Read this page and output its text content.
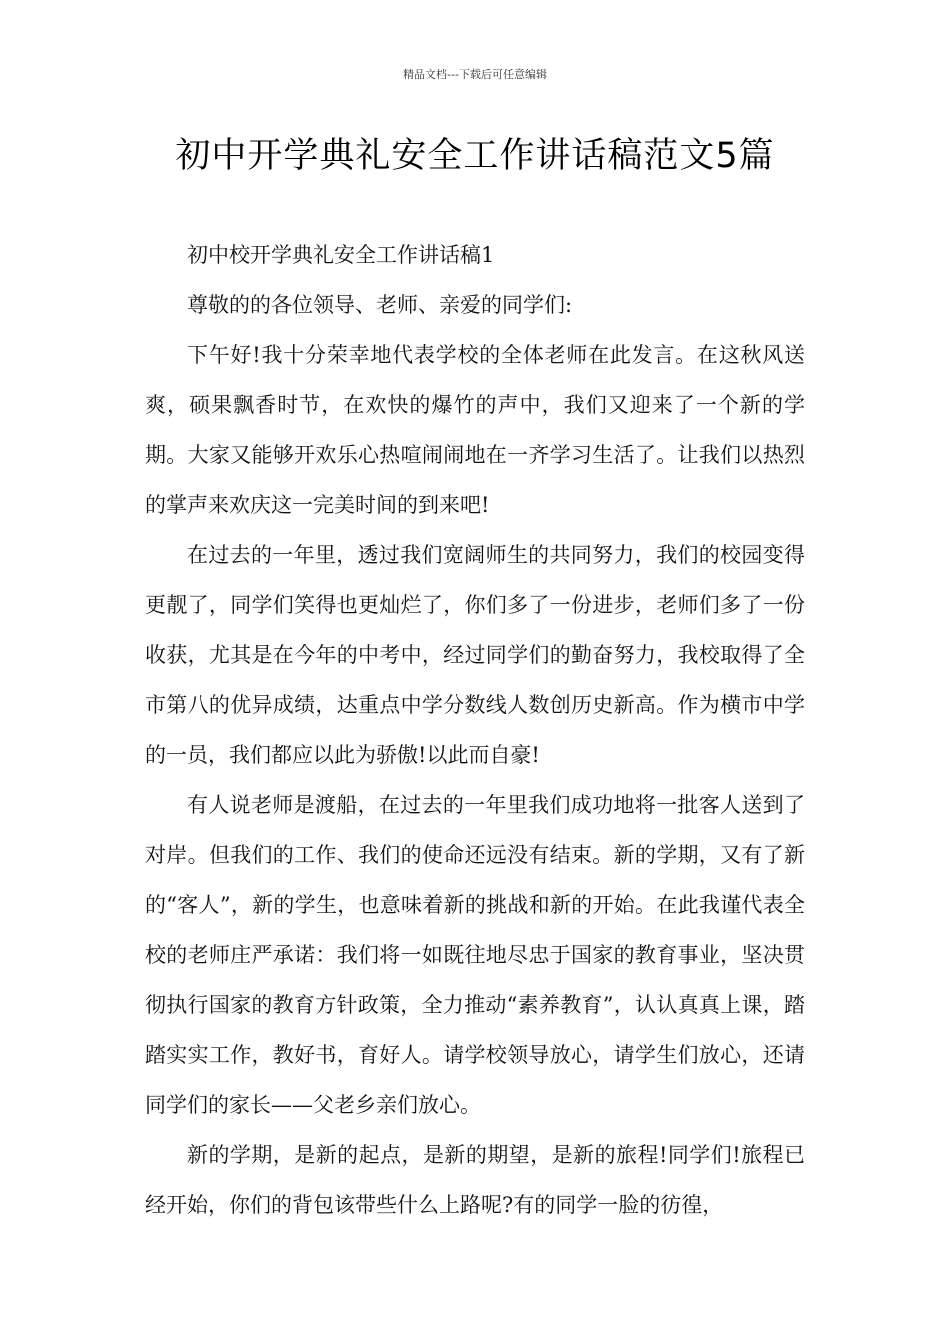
精品文档---下载后可任意编辑
初中开学典礼安全工作讲话稿范文5篇

初中校开学典礼安全工作讲话稿1

尊敬的的各位领导、老师、亲爱的同学们:

下午好!我十分荣幸地代表学校的全体老师在此发言。在这秋风送爽，硕果飘香时节，在欢快的爆竹的声中，我们又迎来了一个新的学期。大家又能够开欢乐心热喧闹闹地在一齐学习生活了。让我们以热烈的掌声来欢庆这一完美时间的到来吧!

在过去的一年里，透过我们宽阔师生的共同努力，我们的校园变得更靓了，同学们笑得也更灿烂了，你们多了一份进步，老师们多了一份收获，尤其是在今年的中考中，经过同学们的勤奋努力，我校取得了全市第八的优异成绩，达重点中学分数线人数创历史新高。作为横市中学的一员，我们都应以此为骄傲!以此而自豪!

有人说老师是渡船，在过去的一年里我们成功地将一批客人送到了对岸。但我们的工作、我们的使命还远没有结束。新的学期，又有了新的“客人”，新的学生，也意味着新的挑战和新的开始。在此我谨代表全校的老师庄严承诺：我们将一如既往地尽忠于国家的教育事业，坚决贯彻执行国家的教育方针政策，全力推动“素养教育”，认认真真上课，踏踏实实工作，教好书，育好人。请学校领导放心，请学生们放心，还请同学们的家长——父老乡亲们放心。

新的学期，是新的起点，是新的期望，是新的旅程!同学们!旅程已经开始，你们的背包该带些什么上路呢?有的同学一脸的彷徨，
